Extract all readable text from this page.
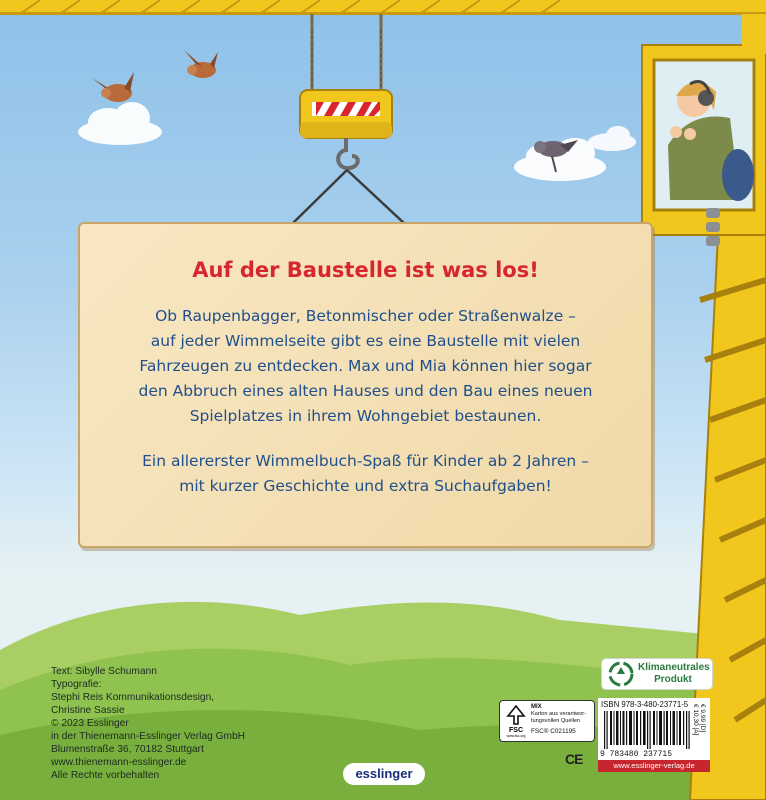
Auf der Baustelle ist was los!
Ob Raupenbagger, Betonmischer oder Straßenwalze –
auf jeder Wimmelseite gibt es eine Baustelle mit vielen
Fahrzeugen zu entdecken. Max und Mia können hier sogar
den Abbruch eines alten Hauses und den Bau eines neuen
Spielplatzes in ihrem Wohngebiet bestaunen.
Ein allererster Wimmelbuch-Spaß für Kinder ab 2 Jahren –
mit kurzer Geschichte und extra Suchaufgaben!
Text: Sibylle Schumann
Typografie:
Stephi Reis Kommunikationsdesign,
Christine Sassie
© 2023 Esslinger
in der Thienemann-Esslinger Verlag GmbH
Blumenstraße 36, 70182 Stuttgart
www.thienemann-esslinger.de
Alle Rechte vorbehalten
Klimaneutrales
Produkt
FSC
www.fsc.org
MIX
Karton aus verantwor-
tungsvollen Quellen
FSC® C021195
ISBN 978-3-480-23771-5
9 783480 237715
€ 9,99 [D]
€ 10,30 [A]
www.esslinger-verlag.de
CE
esslinger
